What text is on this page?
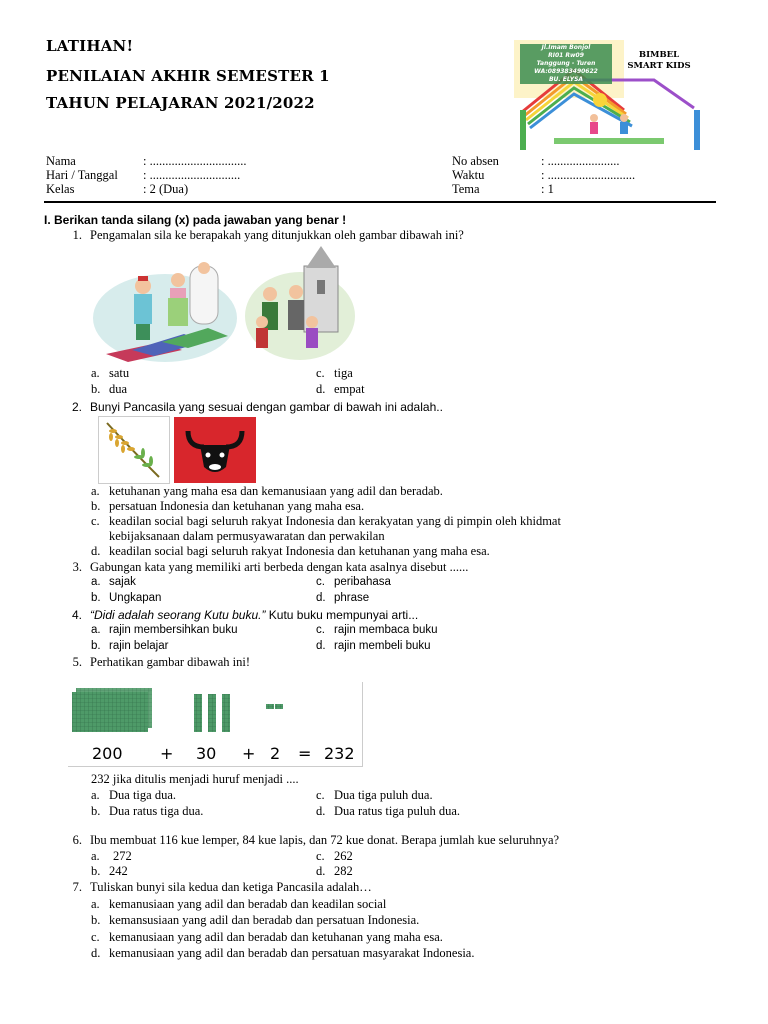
LATIHAN!
PENILAIAN AKHIR SEMESTER 1
TAHUN PELAJARAN 2021/2022
Jl.Imam Bonjol
RI01 Rw09
Tanggung - Turen
WA:089383490622
BU. ELYSA
BIMBEL
SMART KIDS
Nama	: ...............................
Hari / Tanggal : .............................
Kelas	: 2 (Dua)
No absen	: .......................
Waktu	: ............................
Tema	: 1
I. Berikan tanda silang (x) pada jawaban yang benar !
1. Pengamalan sila ke berapakah yang ditunjukkan oleh gambar dibawah ini?
a. satu
b. dua
c. tiga
d. empat
2. Bunyi Pancasila yang sesuai dengan gambar di bawah ini adalah..
a. ketuhanan yang maha esa dan kemanusiaan yang adil dan beradab.
b. persatuan Indonesia dan ketuhanan yang maha esa.
c. keadilan social bagi seluruh rakyat Indonesia dan kerakyatan yang di pimpin oleh khidmat
kebijaksanaan dalam permusyawaratan dan perwakilan
d. keadilan social bagi seluruh rakyat Indonesia dan ketuhanan yang maha esa.
3. Gabungan kata yang memiliki arti berbeda dengan kata asalnya disebut ......
a. sajak
b. Ungkapan
c. peribahasa
d. phrase
4. “Didi adalah seorang Kutu buku.” Kutu buku mempunyai arti...
a. rajin membersihkan buku
b. rajin belajar
c. rajin membaca buku
d. rajin membeli buku
5. Perhatikan gambar dibawah ini!
200 + 30 + 2 = 232
232 jika ditulis menjadi huruf menjadi ....
a. Dua tiga dua.
b. Dua ratus tiga dua.
c. Dua tiga puluh dua.
d. Dua ratus tiga puluh dua.
6. Ibu membuat 116 kue lemper, 84 kue lapis, dan 72 kue donat. Berapa jumlah kue seluruhnya?
a. 272
b. 242
c. 262
d. 282
7. Tuliskan bunyi sila kedua dan ketiga Pancasila adalah…
a. kemanusiaan yang adil dan beradab dan keadilan social
b. kemansusiaan yang adil dan beradab dan persatuan Indonesia.
c. kemanusiaan yang adil dan beradab dan ketuhanan yang maha esa.
d. kemanusiaan yang adil dan beradab dan persatuan masyarakat Indonesia.
